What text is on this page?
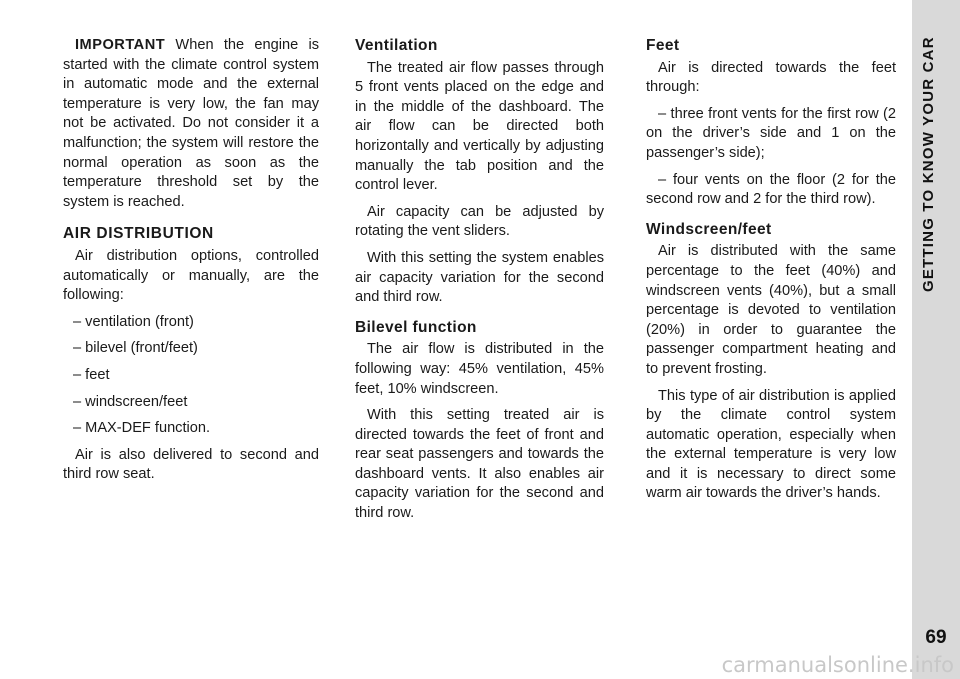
IMPORTANT When the engine is started with the climate control system in automatic mode and the external temperature is very low, the fan may not be activated. Do not consider it a malfunction; the system will restore the normal operation as soon as the temperature threshold set by the system is reached.

AIR DISTRIBUTION

Air distribution options, controlled automatically or manually, are the following:

– ventilation (front)

– bilevel (front/feet)

– feet

– windscreen/feet

– MAX-DEF function.

Air is also delivered to second and third row seat.

Ventilation

The treated air flow passes through 5 front vents placed on the edge and in the middle of the dashboard. The air flow can be directed both horizontally and vertically by adjusting manually the tab position and the control lever.

Air capacity can be adjusted by rotating the vent sliders.

With this setting the system enables air capacity variation for the second and third row.

Bilevel function

The air flow is distributed in the following way: 45% ventilation, 45% feet, 10% windscreen.

With this setting treated air is directed towards the feet of front and rear seat passengers and towards the dashboard vents. It also enables air capacity variation for the second and third row.

Feet

Air is directed towards the feet through:

– three front vents for the first row (2 on the driver’s side and 1 on the passenger’s side);

– four vents on the floor (2 for the second row and 2 for the third row).

Windscreen/feet

Air is distributed with the same percentage to the feet (40%) and windscreen vents (40%), but a small percentage is devoted to ventilation (20%) in order to guarantee the passenger compartment heating and to prevent frosting.

This type of air distribution is applied by the climate control system automatic operation, especially when the external temperature is very low and it is necessary to direct some warm air towards the driver’s hands.

GETTING TO KNOW YOUR CAR
69
carmanualsonline.info
